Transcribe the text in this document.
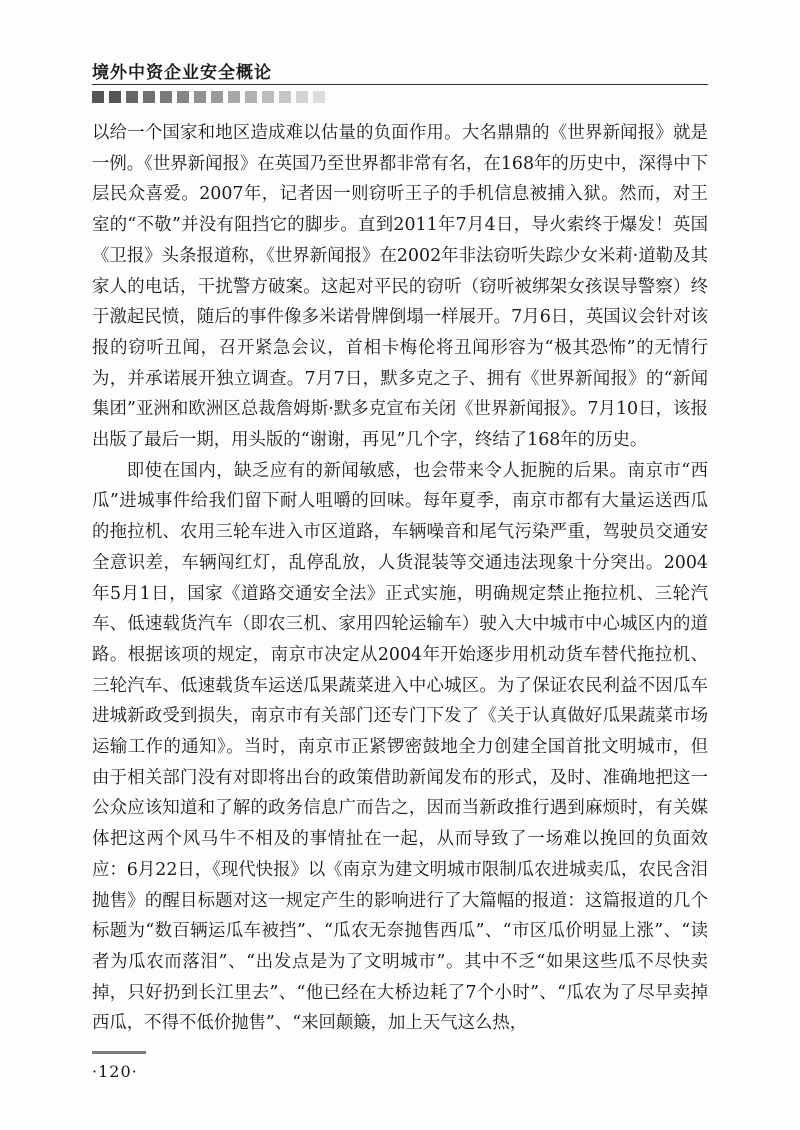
境外中资企业安全概论

以给一个国家和地区造成难以估量的负面作用。大名鼎鼎的《世界新闻报》就是一例。《世界新闻报》在英国乃至世界都非常有名，在168年的历史中，深得中下层民众喜爱。2007年，记者因一则窃听王子的手机信息被捕入狱。然而，对王室的“不敬”并没有阻挡它的脚步。直到2011年7月4日，导火索终于爆发！英国《卫报》头条报道称，《世界新闻报》在2002年非法窃听失踪少女米莉·道勒及其家人的电话，干扰警方破案。这起对平民的窃听（窃听被绑架女孩误导警察）终于激起民愤，随后的事件像多米诺骨牌倒塌一样展开。7月6日，英国议会针对该报的窃听丑闻，召开紧急会议，首相卡梅伦将丑闻形容为“极其恐怖”的无情行为，并承诺展开独立调查。7月7日，默多克之子、拥有《世界新闻报》的“新闻集团”亚洲和欧洲区总裁詹姆斯·默多克宣布关闭《世界新闻报》。7月10日，该报出版了最后一期，用头版的“谢谢，再见”几个字，终结了168年的历史。

即使在国内，缺乏应有的新闻敏感，也会带来令人扼腕的后果。南京市“西瓜”进城事件给我们留下耐人咀嚼的回味。每年夏季，南京市都有大量运送西瓜的拖拉机、农用三轮车进入市区道路，车辆噪音和尾气污染严重，驾驶员交通安全意识差，车辆闯红灯，乱停乱放，人货混装等交通违法现象十分突出。2004年5月1日，国家《道路交通安全法》正式实施，明确规定禁止拖拉机、三轮汽车、低速载货汽车（即农三机、家用四轮运输车）驶入大中城市中心城区内的道路。根据该项的规定，南京市决定从2004年开始逐步用机动货车替代拖拉机、三轮汽车、低速载货车运送瓜果蔬菜进入中心城区。为了保证农民利益不因瓜车进城新政受到损失，南京市有关部门还专门下发了《关于认真做好瓜果蔬菜市场运输工作的通知》。当时，南京市正紧锣密鼓地全力创建全国首批文明城市，但由于相关部门没有对即将出台的政策借助新闻发布的形式，及时、准确地把这一公众应该知道和了解的政务信息广而告之，因而当新政推行遇到麻烦时，有关媒体把这两个风马牛不相及的事情扯在一起，从而导致了一场难以挽回的负面效应：6月22日，《现代快报》以《南京为建文明城市限制瓜农进城卖瓜，农民含泪抛售》的醒目标题对这一规定产生的影响进行了大篇幅的报道：这篇报道的几个标题为“数百辆运瓜车被挡”、“瓜农无奈抛售西瓜”、“市区瓜价明显上涨”、“读者为瓜农而落泪”、“出发点是为了文明城市”。其中不乏“如果这些瓜不尽快卖掉，只好扔到长江里去”、“他已经在大桥边耗了7个小时”、“瓜农为了尽早卖掉西瓜，不得不低价抛售”、“来回颠簸，加上天气这么热，

·120·
